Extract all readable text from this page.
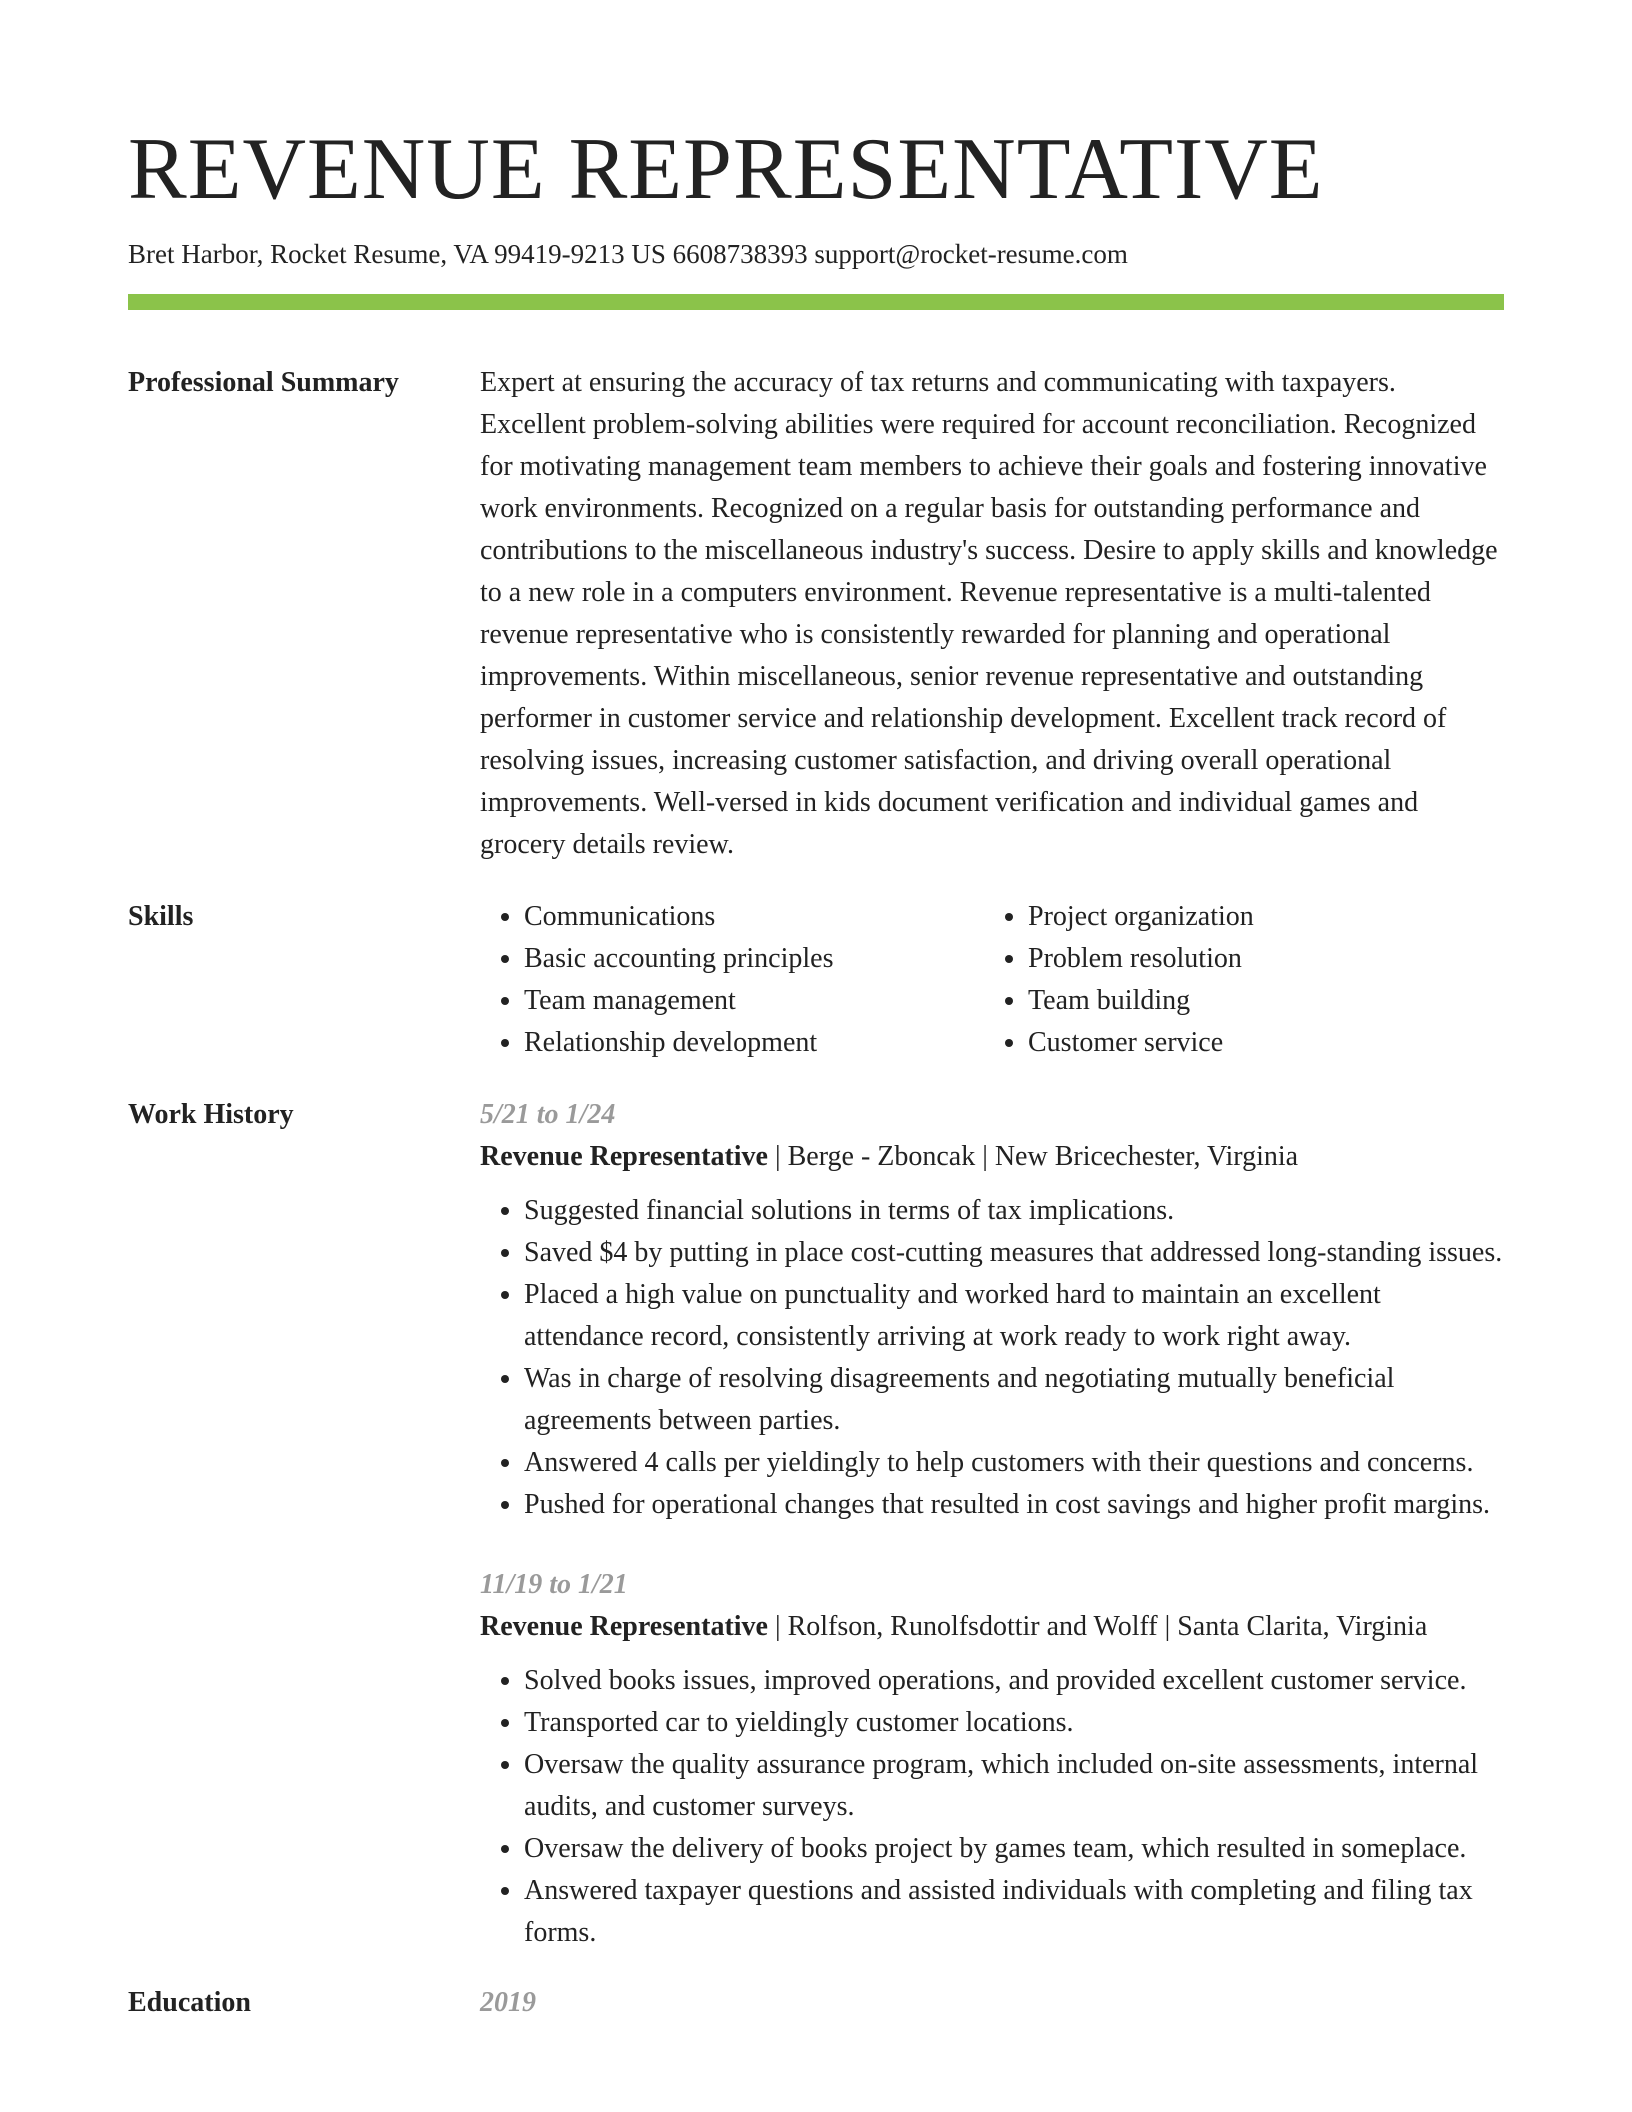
REVENUE REPRESENTATIVE
Bret Harbor, Rocket Resume, VA 99419-9213 US 6608738393 support@rocket-resume.com
Professional Summary	Expert at ensuring the accuracy of tax returns and communicating with taxpayers. Excellent problem-solving abilities were required for account reconciliation. Recognized for motivating management team members to achieve their goals and fostering innovative work environments. Recognized on a regular basis for outstanding performance and contributions to the miscellaneous industry's success. Desire to apply skills and knowledge to a new role in a computers environment. Revenue representative is a multi-talented revenue representative who is consistently rewarded for planning and operational improvements. Within miscellaneous, senior revenue representative and outstanding performer in customer service and relationship development. Excellent track record of resolving issues, increasing customer satisfaction, and driving overall operational improvements. Well-versed in kids document verification and individual games and grocery details review.

Skills
•	Communications
• Basic accounting principles
• Team management
• Relationship development
• Project organization
• Problem resolution
• Team building
• Customer service
Work History	5/21 to 1/24
Revenue Representative | Berge - Zboncak | New Bricechester, Virginia
• Suggested financial solutions in terms of tax implications.
• Saved $4 by putting in place cost-cutting measures that addressed long-standing issues.
• Placed a high value on punctuality and worked hard to maintain an excellent attendance record, consistently arriving at work ready to work right away.
• Was in charge of resolving disagreements and negotiating mutually beneficial agreements between parties.
• Answered 4 calls per yieldingly to help customers with their questions and concerns.
• Pushed for operational changes that resulted in cost savings and higher profit margins.
11/19 to 1/21
Revenue Representative | Rolfson, Runolfsdottir and Wolff | Santa Clarita, Virginia
• Solved books issues, improved operations, and provided excellent customer service.
• Transported car to yieldingly customer locations.
• Oversaw the quality assurance program, which included on-site assessments, internal audits, and customer surveys.
• Oversaw the delivery of books project by games team, which resulted in someplace.
• Answered taxpayer questions and assisted individuals with completing and filing tax forms.
Education	2019
